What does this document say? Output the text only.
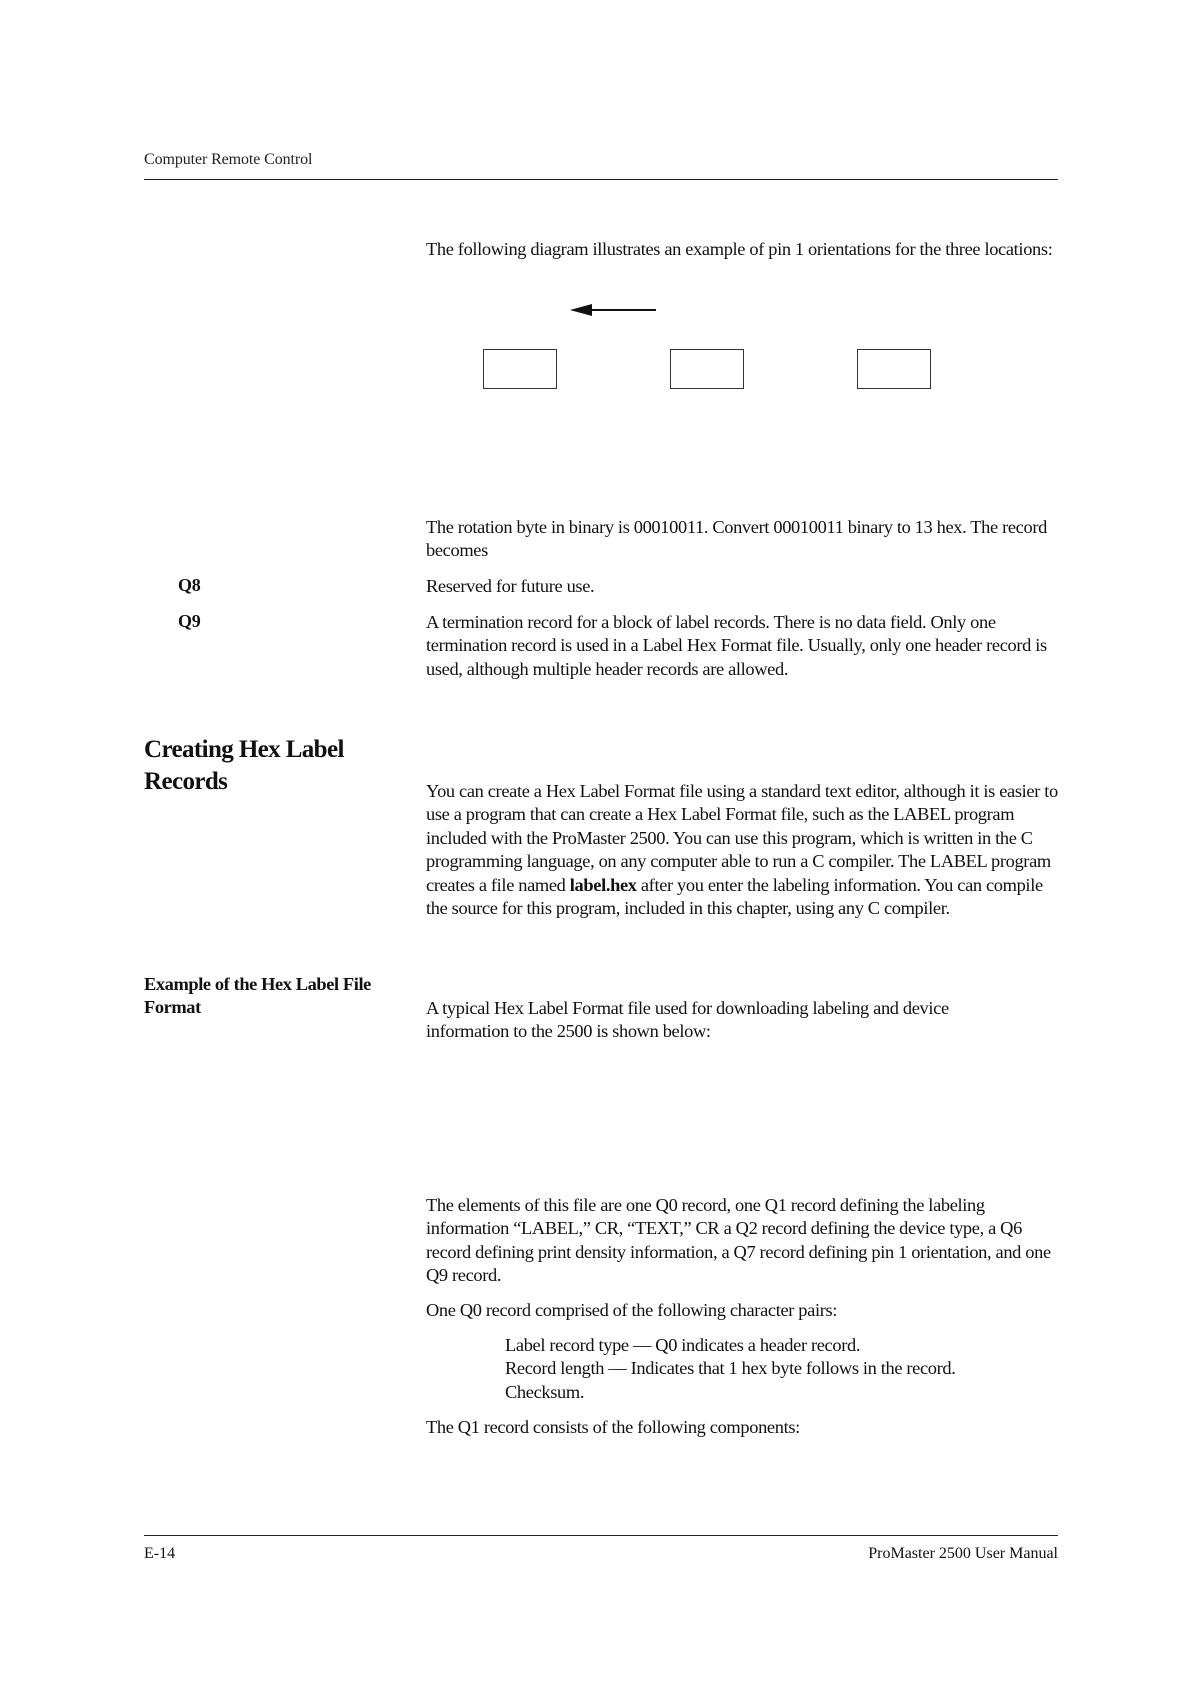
Computer Remote Control
The following diagram illustrates an example of pin 1 orientations for the three locations:
The rotation byte in binary is 00010011. Convert 00010011 binary to 13 hex. The record becomes
Q8	Reserved for future use.
Q9	A termination record for a block of label records. There is no data field. Only one termination record is used in a Label Hex Format file. Usually, only one header record is used, although multiple header records are allowed.
Creating Hex Label Records	You can create a Hex Label Format file using a standard text editor, although it is easier to use a program that can create a Hex Label Format file, such as the LABEL program included with the ProMaster 2500. You can use this program, which is written in the C programming language, on any computer able to run a C compiler. The LABEL program creates a file named label.hex after you enter the labeling information. You can compile the source for this program, included in this chapter, using any C compiler.
Example of the Hex Label File Format	A typical Hex Label Format file used for downloading labeling and device information to the 2500 is shown below:
The elements of this file are one Q0 record, one Q1 record defining the labeling information “LABEL,” CR, “TEXT,” CR a Q2 record defining the device type, a Q6 record defining print density information, a Q7 record defining pin 1 orientation, and one Q9 record.
One Q0 record comprised of the following character pairs:
Label record type — Q0 indicates a header record.
Record length — Indicates that 1 hex byte follows in the record.
Checksum.
The Q1 record consists of the following components:
E-14	ProMaster 2500 User Manual
